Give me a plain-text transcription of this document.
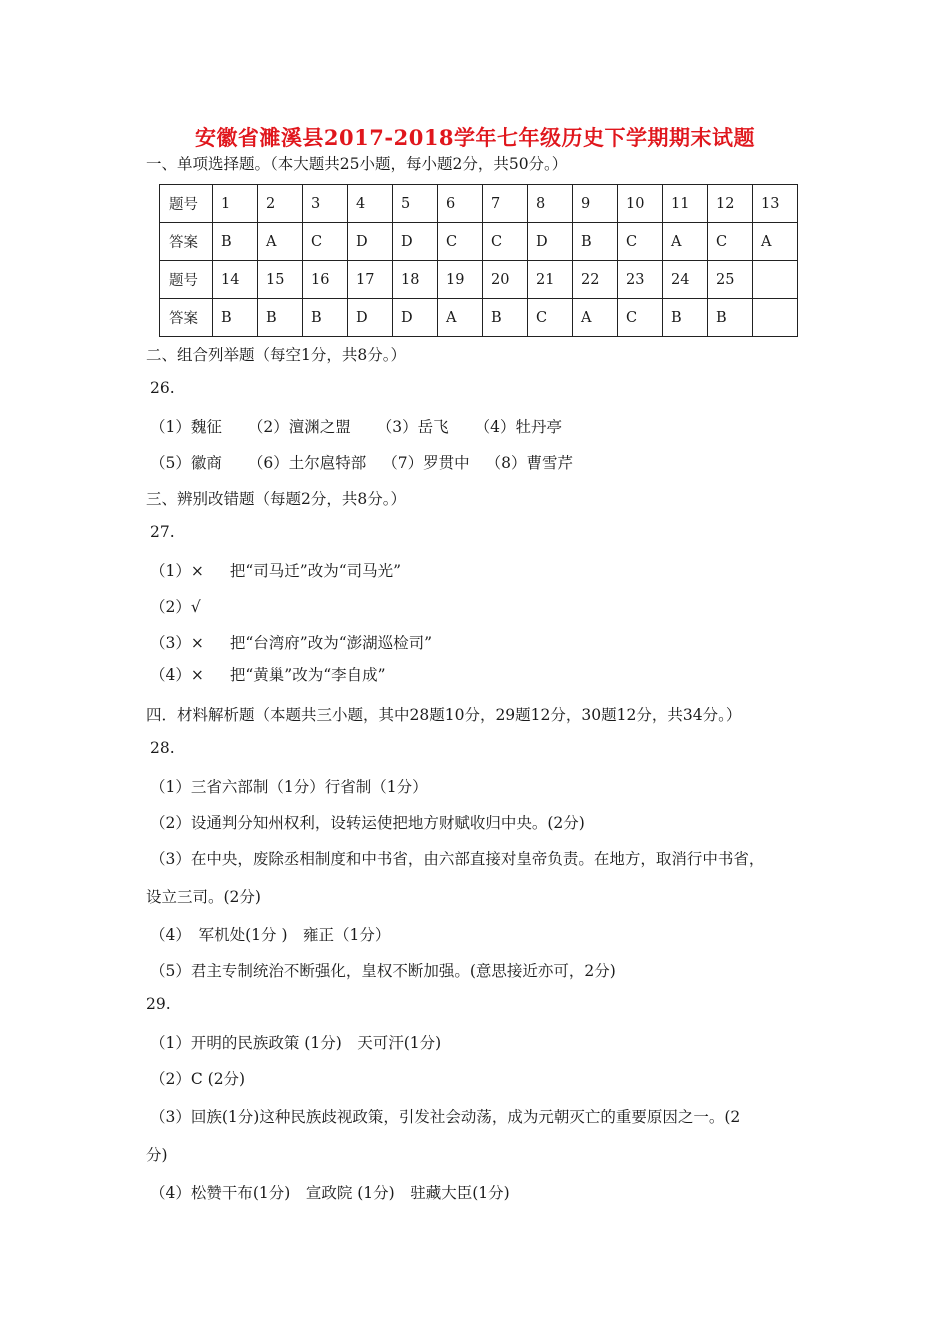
安徽省濉溪县2017-2018学年七年级历史下学期期末试题
一、单项选择题。（本大题共25小题，每小题2分，共50分。）
题号	1	2	3	4	5	6	7	8	9	10	11	12	13
答案	B	A	C	D	D	C	C	D	B	C	A	C	A
题号	14	15	16	17	18	19	20	21	22	23	24	25	
答案	B	B	B	D	D	A	B	C	A	C	B	B	
二、组合列举题（每空1分，共8分。）
26.
（1）魏征 （2）澶渊之盟 （3）岳飞 （4）牡丹亭
（5）徽商 （6）土尔扈特部 （7）罗贯中 （8）曹雪芹
三、辨别改错题（每题2分，共8分。）
27.
（1）× 把“司马迁”改为“司马光”
（2）√
（3）× 把“台湾府”改为“澎湖巡检司”
（4）× 把“黄巢”改为“李自成”
四．材料解析题（本题共三小题，其中28题10分，29题12分，30题12分，共34分。）
28.
（1）三省六部制（1分）行省制（1分）
（2）设通判分知州权利，设转运使把地方财赋收归中央。(2分)
（3）在中央，废除丞相制度和中书省，由六部直接对皇帝负责。在地方，取消行中书省，
设立三司。(2分)
（4）　军机处(1分 )　雍正（1分）
（5）君主专制统治不断强化，皇权不断加强。(意思接近亦可，2分)
29.
（1）开明的民族政策 (1分)　天可汗(1分)
（2）C (2分)
（3）回族(1分)这种民族歧视政策，引发社会动荡，成为元朝灭亡的重要原因之一。(2
分)
（4）松赞干布(1分)　宣政院 (1分)　驻藏大臣(1分)
